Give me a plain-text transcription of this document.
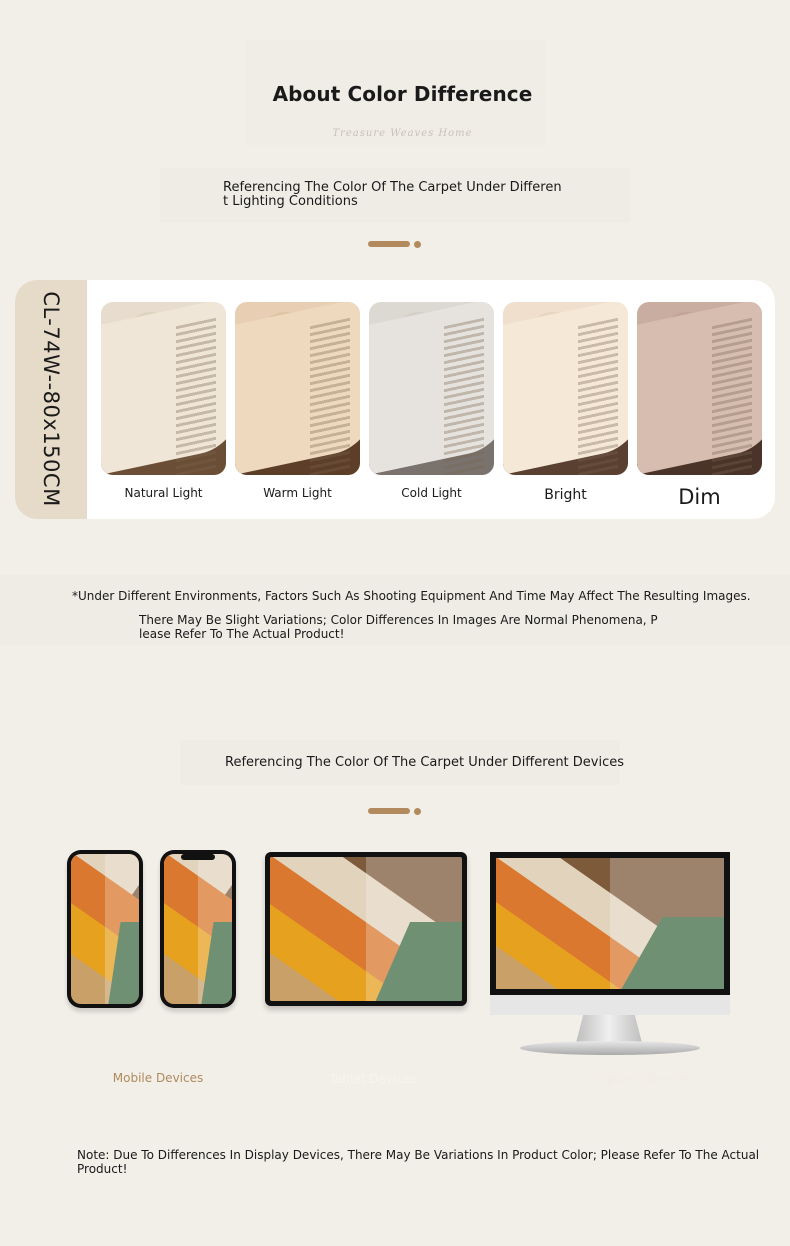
About Color Difference
Treasure Weaves Home
Referencing The Color Of The Carpet Under Different Lighting Conditions
CL-74W--80x150CM	Natural Light	Warm Light	Cold Light	Bright	Dim
*Under Different Environments, Factors Such As Shooting Equipment And Time May Affect The Resulting Images.
There May Be Slight Variations; Color Differences In Images Are Normal Phenomena, Please Refer To The Actual Product!
Referencing The Color Of The Carpet Under Different Devices
Mobile Devices	Tablet Devices	Computer Devices
Note: Due To Differences In Display Devices, There May Be Variations In Product Color; Please Refer To The Actual Product!
